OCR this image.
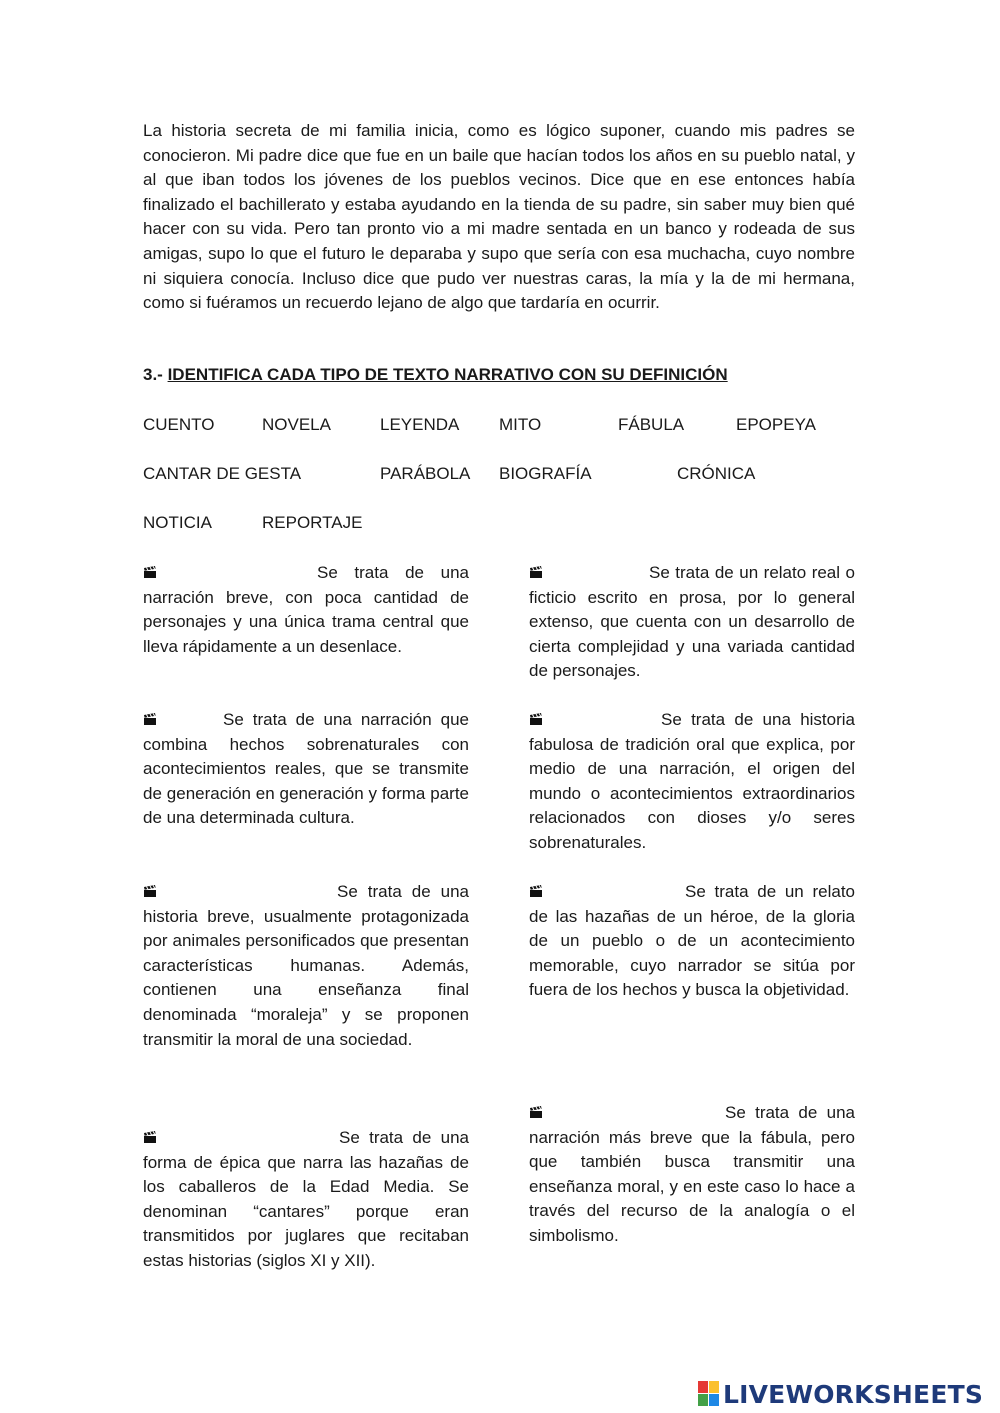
La historia secreta de mi familia inicia, como es lógico suponer, cuando mis padres se conocieron. Mi padre dice que fue en un baile que hacían todos los años en su pueblo natal, y al que iban todos los jóvenes de los pueblos vecinos. Dice que en ese entonces había finalizado el bachillerato y estaba ayudando en la tienda de su padre, sin saber muy bien qué hacer con su vida. Pero tan pronto vio a mi madre sentada en un banco y rodeada de sus amigas, supo lo que el futuro le deparaba y supo que sería con esa muchacha, cuyo nombre ni siquiera conocía. Incluso dice que pudo ver nuestras caras, la mía y la de mi hermana, como si fuéramos un recuerdo lejano de algo que tardaría en ocurrir.

3.- IDENTIFICA CADA TIPO DE TEXTO NARRATIVO CON SU DEFINICIÓN
CUENTO	NOVELA	LEYENDA MITO	FÁBULA	EPOPEYA
CANTAR DE GESTA	PARÁBOLA BIOGRAFÍA	CRÓNICA
NOTICIA	REPORTAJE

Se trata de una narración breve, con poca cantidad de personajes y una única trama central que lleva rápidamente a un desenlace.

Se trata de un relato real o ficticio escrito en prosa, por lo general extenso, que cuenta con un desarrollo de cierta complejidad y una variada cantidad de personajes.

Se trata de una narración que combina hechos sobrenaturales con acontecimientos reales, que se transmite de generación en generación y forma parte de una determinada cultura.

Se trata de una historia fabulosa de tradición oral que explica, por medio de una narración, el origen del mundo o acontecimientos extraordinarios relacionados con dioses y/o seres sobrenaturales.

Se trata de una historia breve, usualmente protagonizada por animales personificados que presentan características humanas. Además, contienen una enseñanza final denominada “moraleja” y se proponen transmitir la moral de una sociedad.

Se trata de un relato de las hazañas de un héroe, de la gloria de un pueblo o de un acontecimiento memorable, cuyo narrador se sitúa por fuera de los hechos y busca la objetividad.

Se trata de una narración más breve que la fábula, pero que también busca transmitir una enseñanza moral, y en este caso lo hace a través del recurso de la analogía o el simbolismo.

Se trata de una forma de épica que narra las hazañas de los caballeros de la Edad Media. Se denominan “cantares” porque eran transmitidos por juglares que recitaban estas historias (siglos XI y XII).

LIVEWORKSHEETS
